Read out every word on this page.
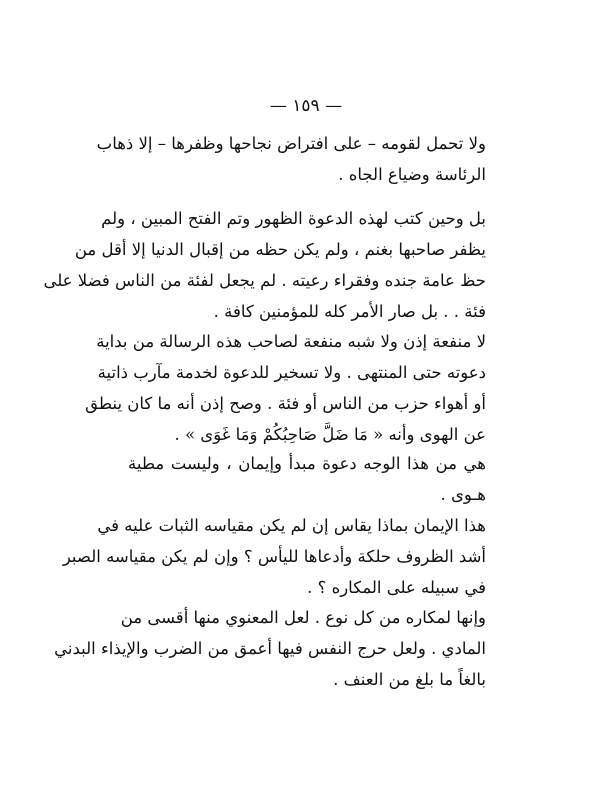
— ١٥٩ —
ولا تحمل لقومه – على افتراض نجاحها وظفرها – إلا ذهاب
الرئاسة وضياع الجاه .
بل وحين كتب لهذه الدعوة الظهور وتم الفتح المبين ، ولم
يظفر صاحبها بغنم ، ولم يكن حظه من إقبال الدنيا إلا أقل من
حظ عامة جنده وفقراء رعيته . لم يجعل لفئة من الناس فضلا على
فئة . . بل صار الأمر كله للمؤمنين كافة .
لا منفعة إذن ولا شبه منفعة لصاحب هذه الرسالة من بداية
دعوته حتى المنتهى . ولا تسخير للدعوة لخدمة مآرب ذاتية
أو أهواء حزب من الناس أو فئة . وصح إذن أنه ما كان ينطق
عن الهوى وأنه « مَا ضَلَّ صَاحِبُكُمْ وَمَا غَوَى » .
هي من هذا الوجه دعوة مبدأ وإيمان ، وليست مطية
هـوى .
هذا الإيمان بماذا يقاس إن لم يكن مقياسه الثبات عليه في
أشد الظروف حلكة وأدعاها لليأس ؟ وإن لم يكن مقياسه الصبر
في سبيله على المكاره ؟ .
وإنها لمكاره من كل نوع . لعل المعنوي منها أقسى من
المادي . ولعل حرج النفس فيها أعمق من الضرب والإيذاء البدني
بالغاً ما بلغ من العنف .
